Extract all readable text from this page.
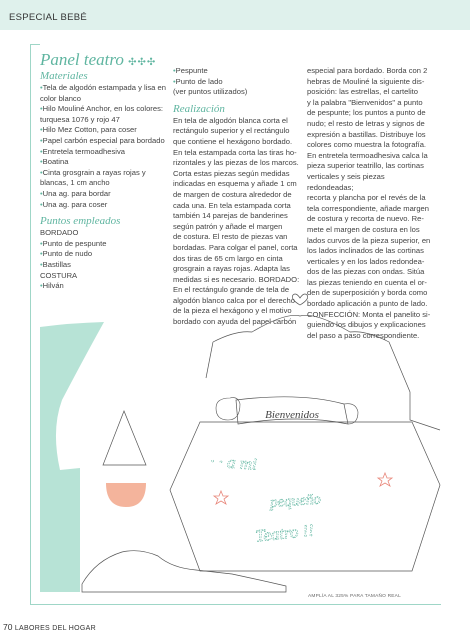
ESPECIAL BEBÉ
Panel teatro ✣✣✣

Materiales

•Tela de algodón estampada y lisa en color blanco

•Hilo Mouliné Anchor, en los colores: turquesa 1076 y rojo 47

•Hilo Mez Cotton, para coser

•Papel carbón especial para bordado

•Entretela termoadhesiva

•Boatina

•Cinta grosgrain a rayas rojas y blancas, 1 cm ancho

•Una ag. para bordar

•Una ag. para coser

Puntos empleados

BORDADO

•Punto de pespunte

•Punto de nudo

•Bastillas

COSTURA

•Hilván

•Pespunte

•Punto de lado

(ver puntos utilizados)

Realización

En tela de algodón blanca corta el

rectángulo superior y el rectángulo

que contiene el hexágono bordado.

En tela estampada corta las tiras ho-

rizontales y las piezas de los marcos.

Corta estas piezas según medidas

indicadas en esquema y añade 1 cm

de margen de costura alrededor de

cada una. En tela estampada corta

también 14 parejas de banderines

según patrón y añade el margen

de costura. El resto de piezas van

bordadas. Para colgar el panel, corta

dos tiras de 65 cm largo en cinta

grosgrain a rayas rojas. Adapta las

medidas si es necesario. BORDADO:

En el rectángulo grande de tela de

algodón blanco calca por el derecho

de la pieza el hexágono y el motivo

bordado con ayuda del papel carbón

especial para bordado. Borda con 2

hebras de Mouliné la siguiente dis-

posición: las estrellas, el cartelito

y la palabra "Bienvenidos" a punto

de pespunte; los puntos a punto de

nudo; el resto de letras y signos de

expresión a bastillas. Distribuye los

colores como muestra la fotografía.

En entretela termoadhesiva calca la

pieza superior teatrillo, las cortinas

verticales y seis piezas redondeadas;

recorta y plancha por el revés de la

tela correspondiente, añade margen

de costura y recorta de nuevo. Re-

mete el margen de costura en los

lados curvos de la pieza superior, en

los lados inclinados de las cortinas

verticales y en los lados redondea-

dos de las piezas con ondas. Sitúa

las piezas teniendo en cuenta el or-

den de superposición y borda como

bordado aplicación a punto de lado.

CONFECCIÓN: Monta el panelito si-

guiendo los dibujos y explicaciones

del paso a paso correspondiente.

Bienvenidos
· · a mi
pequeño
Teatro !!
AMPLÍA AL 325% PARA TAMAÑO REAL
70 LABORES DEL HOGAR
